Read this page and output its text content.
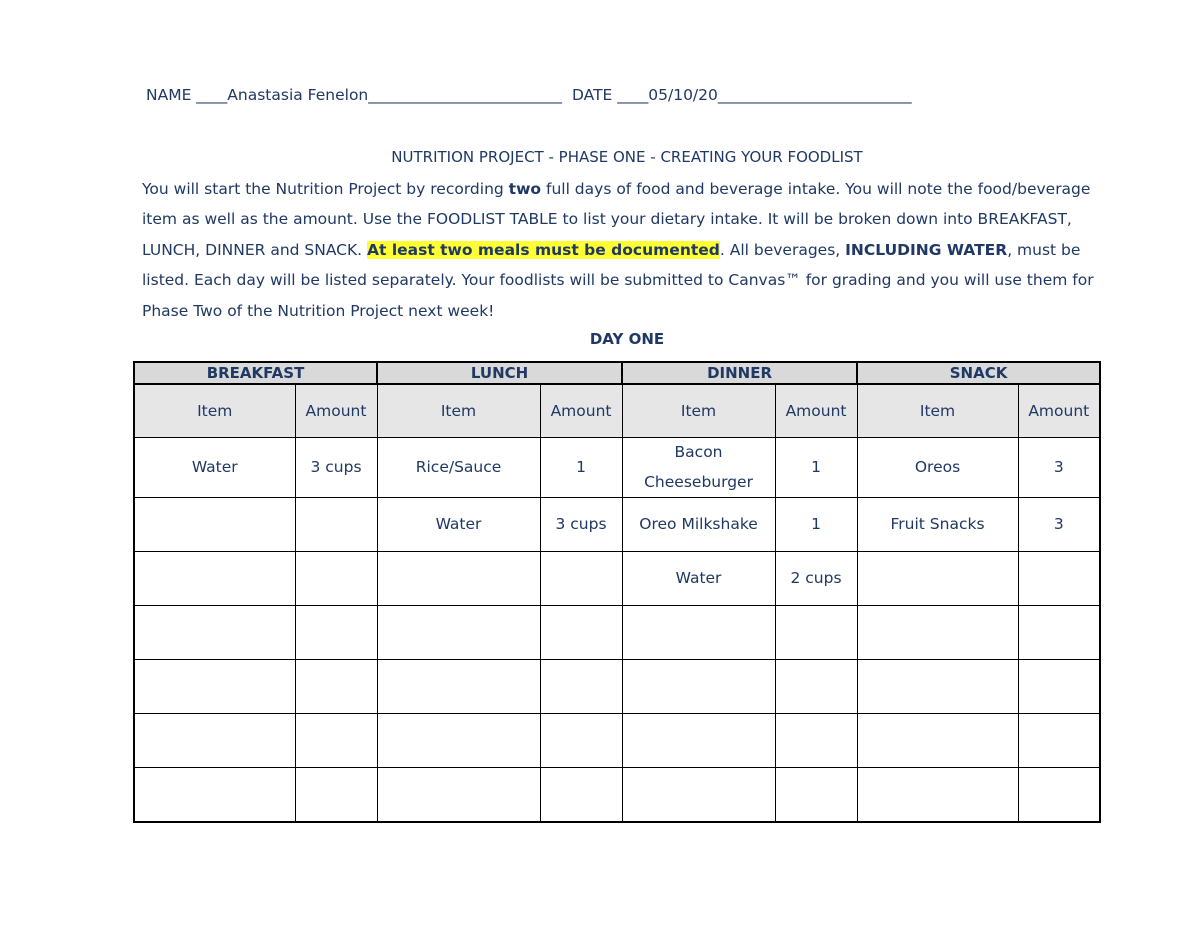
NAME ____Anastasia Fenelon_________________________ DATE ____05/10/20_________________________
NUTRITION PROJECT - PHASE ONE - CREATING YOUR FOODLIST
You will start the Nutrition Project by recording two full days of food and beverage intake. You will note the food/beverage item as well as the amount. Use the FOODLIST TABLE to list your dietary intake. It will be broken down into BREAKFAST, LUNCH, DINNER and SNACK. At least two meals must be documented. All beverages, INCLUDING WATER, must be listed. Each day will be listed separately. Your foodlists will be submitted to Canvas™ for grading and you will use them for Phase Two of the Nutrition Project next week!
DAY ONE
BREAKFAST		LUNCH		DINNER		SNACK	
Item	Amount	Item	Amount	Item	Amount	Item	Amount
Water	3 cups	Rice/Sauce	1	Bacon Cheeseburger	1	Oreos	3
		Water	3 cups	Oreo Milkshake	1	Fruit Snacks	3
				Water	2 cups		
